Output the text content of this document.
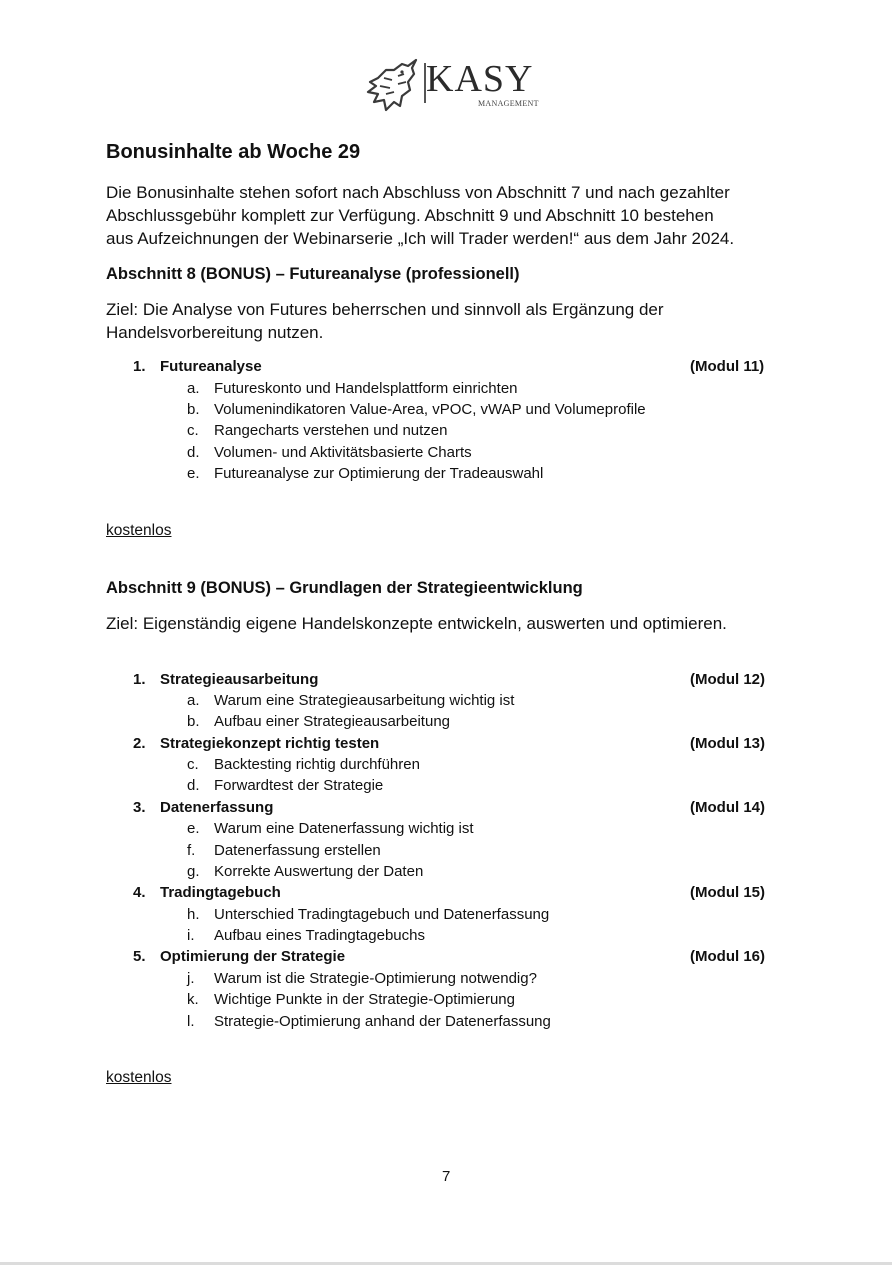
KASY
MANAGEMENT
Bonusinhalte ab Woche 29
Die Bonusinhalte stehen sofort nach Abschluss von Abschnitt 7 und nach gezahlter
Abschlussgebühr komplett zur Verfügung. Abschnitt 9 und Abschnitt 10 bestehen
aus Aufzeichnungen der Webinarserie „Ich will Trader werden!“ aus dem Jahr 2024.
Abschnitt 8 (BONUS) – Futureanalyse (professionell)
Ziel: Die Analyse von Futures beherrschen und sinnvoll als Ergänzung der
Handelsvorbereitung nutzen.
1. Futureanalyse	(Modul 11)
a. Futureskonto und Handelsplattform einrichten
b. Volumenindikatoren Value-Area, vPOC, vWAP und Volumeprofile
c. Rangecharts verstehen und nutzen
d. Volumen- und Aktivitätsbasierte Charts
e. Futureanalyse zur Optimierung der Tradeauswahl
kostenlos
Abschnitt 9 (BONUS) – Grundlagen der Strategieentwicklung
Ziel: Eigenständig eigene Handelskonzepte entwickeln, auswerten und optimieren.
1. Strategieausarbeitung	(Modul 12)
a. Warum eine Strategieausarbeitung wichtig ist
b. Aufbau einer Strategieausarbeitung
2. Strategiekonzept richtig testen	(Modul 13)
c. Backtesting richtig durchführen
d. Forwardtest der Strategie
3. Datenerfassung	(Modul 14)
e. Warum eine Datenerfassung wichtig ist
f. Datenerfassung erstellen
g. Korrekte Auswertung der Daten
4. Tradingtagebuch	(Modul 15)
h. Unterschied Tradingtagebuch und Datenerfassung
i. Aufbau eines Tradingtagebuchs
5. Optimierung der Strategie	(Modul 16)
j. Warum ist die Strategie-Optimierung notwendig?
k. Wichtige Punkte in der Strategie-Optimierung
l. Strategie-Optimierung anhand der Datenerfassung
kostenlos
7
